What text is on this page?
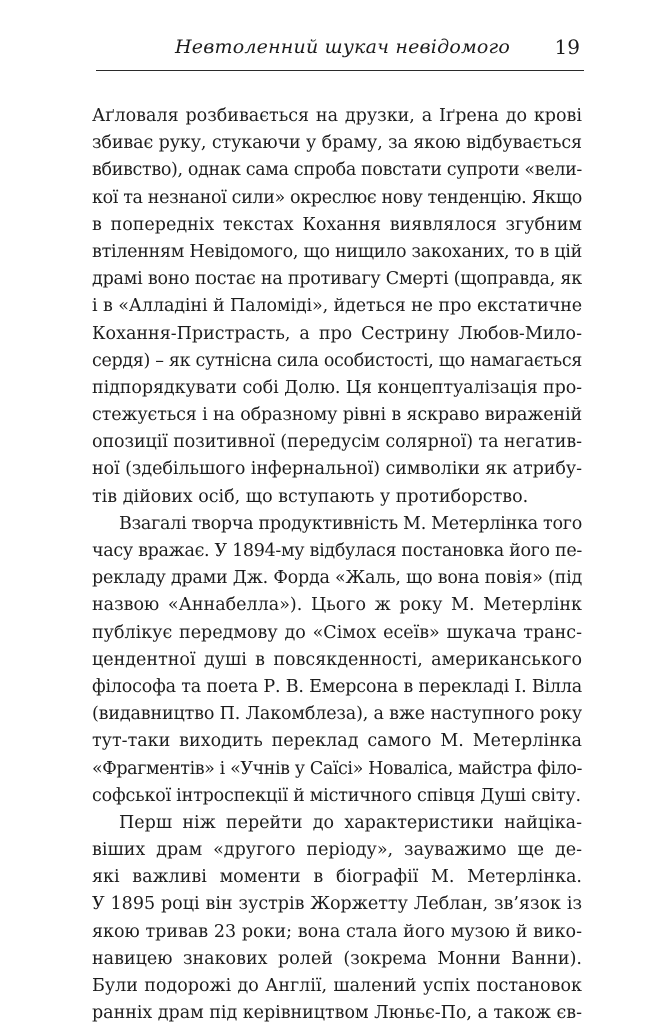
Невтоленний шукач невідомого 19
Аґловаля розбивається на друзки, а Іґрена до крові
збиває руку, стукаючи у браму, за якою відбувається
вбивство), однак сама спроба повстати супроти «вели-
кої та незнаної сили» окреслює нову тенденцію. Якщо
в попередніх текстах Кохання виявлялося згубним
втіленням Невідомого, що нищило закоханих, то в цій
драмі воно постає на противагу Смерті (щоправда, як
і в «Алладіні й Паломіді», йдеться не про екстатичне
Кохання-Пристрасть, а про Сестрину Любов-Мило-
сердя) – як сутнісна сила особистості, що намагається
підпорядкувати собі Долю. Ця концептуалізація про-
стежується і на образному рівні в яскраво вираженій
опозиції позитивної (передусім солярної) та негатив-
ної (здебільшого інфернальної) символіки як атрибу-
тів дійових осіб, що вступають у протиборство.
Взагалі творча продуктивність М. Метерлінка того
часу вражає. У 1894-му відбулася постановка його пе-
рекладу драми Дж. Форда «Жаль, що вона повія» (під
назвою «Аннабелла»). Цього ж року М. Метерлінк
публікує передмову до «Сімох есеїв» шукача транс-
цендентної душі в повсякденності, американського
філософа та поета Р. В. Емерсона в перекладі І. Вілла
(видавництво П. Лакомблеза), а вже наступного року
тут-таки виходить переклад самого М. Метерлінка
«Фрагментів» і «Учнів у Саїсі» Новаліса, майстра філо-
софської інтроспекції й містичного співця Душі світу.
Перш ніж перейти до характеристики найціка-
віших драм «другого періоду», зауважимо ще де-
які важливі моменти в біографії М. Метерлінка.
У 1895 році він зустрів Жоржетту Леблан, зв’язок із
якою тривав 23 роки; вона стала його музою й вико-
навицею знакових ролей (зокрема Монни Ванни).
Були подорожі до Англії, шалений успіх постановок
ранніх драм під керівництвом Люньє-По, а також єв-
